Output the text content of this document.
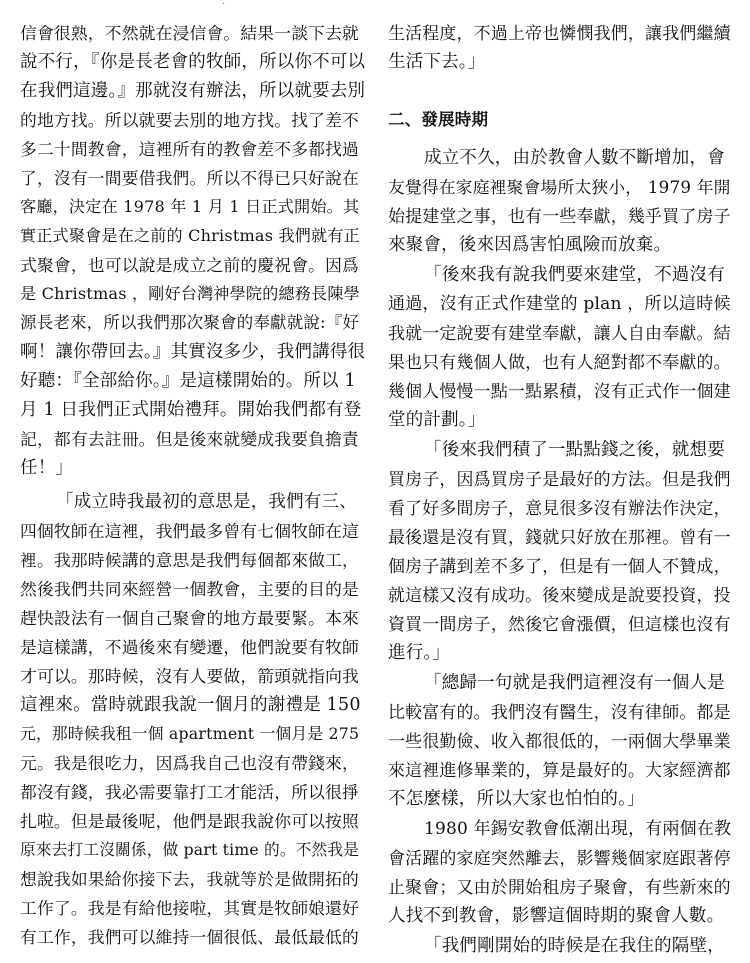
·
信會很熟，不然就在浸信會。結果一談下去就
說不行，『你是長老會的牧師，所以你不可以
在我們這邊。』那就沒有辦法，所以就要去別
的地方找。所以就要去別的地方找。找了差不
多二十間教會，這裡所有的教會差不多都找過
了，沒有一間要借我們。所以不得已只好說在
客廳，決定在 1978 年 1 月 1 日正式開始。其
實正式聚會是在之前的 Christmas 我們就有正
式聚會，也可以說是成立之前的慶祝會。因爲
是 Christmas ，剛好台灣神學院的總務長陳學
源長老來，所以我們那次聚會的奉獻就說:『好
啊！讓你帶回去。』其實沒多少，我們講得很
好聽：『全部給你。』是這樣開始的。所以 1
月 1 日我們正式開始禮拜。開始我們都有登
記，都有去註冊。但是後來就變成我要負擔責
任！」
「成立時我最初的意思是，我們有三、
四個牧師在這裡，我們最多曾有七個牧師在這
裡。我那時候講的意思是我們每個都來做工，
然後我們共同來經營一個教會，主要的目的是
趕快設法有一個自己聚會的地方最要緊。本來
是這樣講，不過後來有變遷，他們說要有牧師
才可以。那時候，沒有人要做，箭頭就指向我
這裡來。當時就跟我說一個月的謝禮是 150
元，那時候我租一個 apartment 一個月是 275
元。我是很吃力，因爲我自己也沒有帶錢來，
都沒有錢，我必需要靠打工才能活，所以很掙
扎啦。但是最後呢，他們是跟我說你可以按照
原來去打工沒關係，做 part time 的。不然我是
想說我如果給你接下去，我就等於是做開拓的
工作了。我是有給他接啦，其實是牧師娘還好
有工作，我們可以維持一個很低、最低最低的
生活程度，不過上帝也憐憫我們，讓我們繼續
生活下去。」
二、發展時期
成立不久，由於教會人數不斷增加，會
友覺得在家庭裡聚會場所太狹小， 1979 年開
始提建堂之事，也有一些奉獻，幾乎買了房子
來聚會，後來因爲害怕風險而放棄。
「後來我有說我們要來建堂，不過沒有
通過，沒有正式作建堂的 plan ，所以這時候
我就一定說要有建堂奉獻，讓人自由奉獻。結
果也只有幾個人做，也有人絕對都不奉獻的。
幾個人慢慢一點一點累積，沒有正式作一個建
堂的計劃。」
「後來我們積了一點點錢之後，就想要
買房子，因爲買房子是最好的方法。但是我們
看了好多間房子，意見很多沒有辦法作決定，
最後還是沒有買，錢就只好放在那裡。曾有一
個房子講到差不多了，但是有一個人不贊成，
就這樣又沒有成功。後來變成是說要投資，投
資買一間房子，然後它會漲價，但這樣也沒有
進行。」
「總歸一句就是我們這裡沒有一個人是
比較富有的。我們沒有醫生，沒有律師。都是
一些很勤儉、收入都很低的，一兩個大學畢業
來這裡進修畢業的，算是最好的。大家經濟都
不怎麼樣，所以大家也怕怕的。」
1980 年錫安教會低潮出現，有兩個在教
會活躍的家庭突然離去，影響幾個家庭跟著停
止聚會；又由於開始租房子聚會，有些新來的
人找不到教會，影響這個時期的聚會人數。
「我們剛開始的時候是在我住的隔壁，
